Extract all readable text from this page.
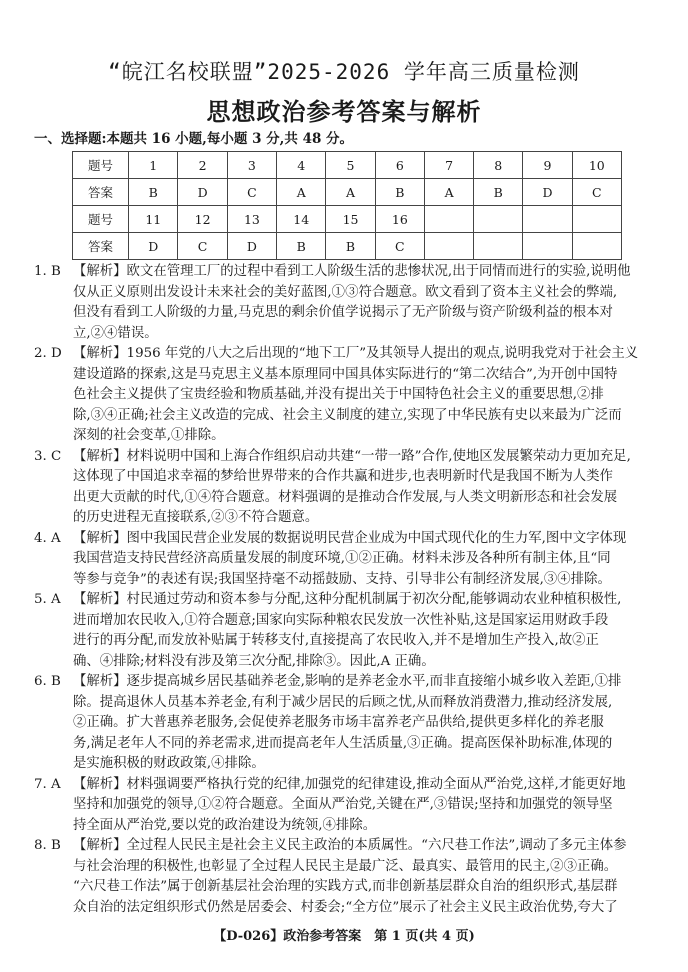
“皖江名校联盟”2025-2026 学年高三质量检测
思想政治参考答案与解析
一、选择题:本题共 16 小题,每小题 3 分,共 48 分。
题号	1	2	3	4	5	6	7	8	9	10
答案	B	D	C	A	A	B	A	B	D	C
题号	11	12	13	14	15	16				
答案	D	C	D	B	B	C				
1. B 【解析】欧文在管理工厂的过程中看到工人阶级生活的悲惨状况,出于同情而进行的实验,说明他
仅从正义原则出发设计未来社会的美好蓝图,①③符合题意。欧文看到了资本主义社会的弊端,
但没有看到工人阶级的力量,马克思的剩余价值学说揭示了无产阶级与资产阶级利益的根本对
立,②④错误。
2. D 【解析】1956 年党的八大之后出现的“地下工厂”及其领导人提出的观点,说明我党对于社会主义
建设道路的探索,这是马克思主义基本原理同中国具体实际进行的“第二次结合”,为开创中国特
色社会主义提供了宝贵经验和物质基础,并没有提出关于中国特色社会主义的重要思想,②排
除,③④正确;社会主义改造的完成、社会主义制度的建立,实现了中华民族有史以来最为广泛而
深刻的社会变革,①排除。
3. C 【解析】材料说明中国和上海合作组织启动共建“一带一路”合作,使地区发展繁荣动力更加充足,
这体现了中国追求幸福的梦给世界带来的合作共赢和进步,也表明新时代是我国不断为人类作
出更大贡献的时代,①④符合题意。材料强调的是推动合作发展,与人类文明新形态和社会发展
的历史进程无直接联系,②③不符合题意。
4. A 【解析】图中我国民营企业发展的数据说明民营企业成为中国式现代化的生力军,图中文字体现
我国营造支持民营经济高质量发展的制度环境,①②正确。材料未涉及各种所有制主体,且“同
等参与竞争”的表述有误;我国坚持毫不动摇鼓励、支持、引导非公有制经济发展,③④排除。
5. A 【解析】村民通过劳动和资本参与分配,这种分配机制属于初次分配,能够调动农业种植积极性,
进而增加农民收入,①符合题意;国家向实际种粮农民发放一次性补贴,这是国家运用财政手段
进行的再分配,而发放补贴属于转移支付,直接提高了农民收入,并不是增加生产投入,故②正
确、④排除;材料没有涉及第三次分配,排除③。因此,A 正确。
6. B 【解析】逐步提高城乡居民基础养老金,影响的是养老金水平,而非直接缩小城乡收入差距,①排
除。提高退休人员基本养老金,有利于减少居民的后顾之忧,从而释放消费潜力,推动经济发展,
②正确。扩大普惠养老服务,会促使养老服务市场丰富养老产品供给,提供更多样化的养老服
务,满足老年人不同的养老需求,进而提高老年人生活质量,③正确。提高医保补助标准,体现的
是实施积极的财政政策,④排除。
7. A 【解析】材料强调要严格执行党的纪律,加强党的纪律建设,推动全面从严治党,这样,才能更好地
坚持和加强党的领导,①②符合题意。全面从严治党,关键在严,③错误;坚持和加强党的领导坚
持全面从严治党,要以党的政治建设为统领,④排除。
8. B 【解析】全过程人民民主是社会主义民主政治的本质属性。“六尺巷工作法”,调动了多元主体参
与社会治理的积极性,也彰显了全过程人民民主是最广泛、最真实、最管用的民主,②③正确。
“六尺巷工作法”属于创新基层社会治理的实践方式,而非创新基层群众自治的组织形式,基层群
众自治的法定组织形式仍然是居委会、村委会;“全方位”展示了社会主义民主政治优势,夸大了
【D-026】政治参考答案　第 1 页(共 4 页)
